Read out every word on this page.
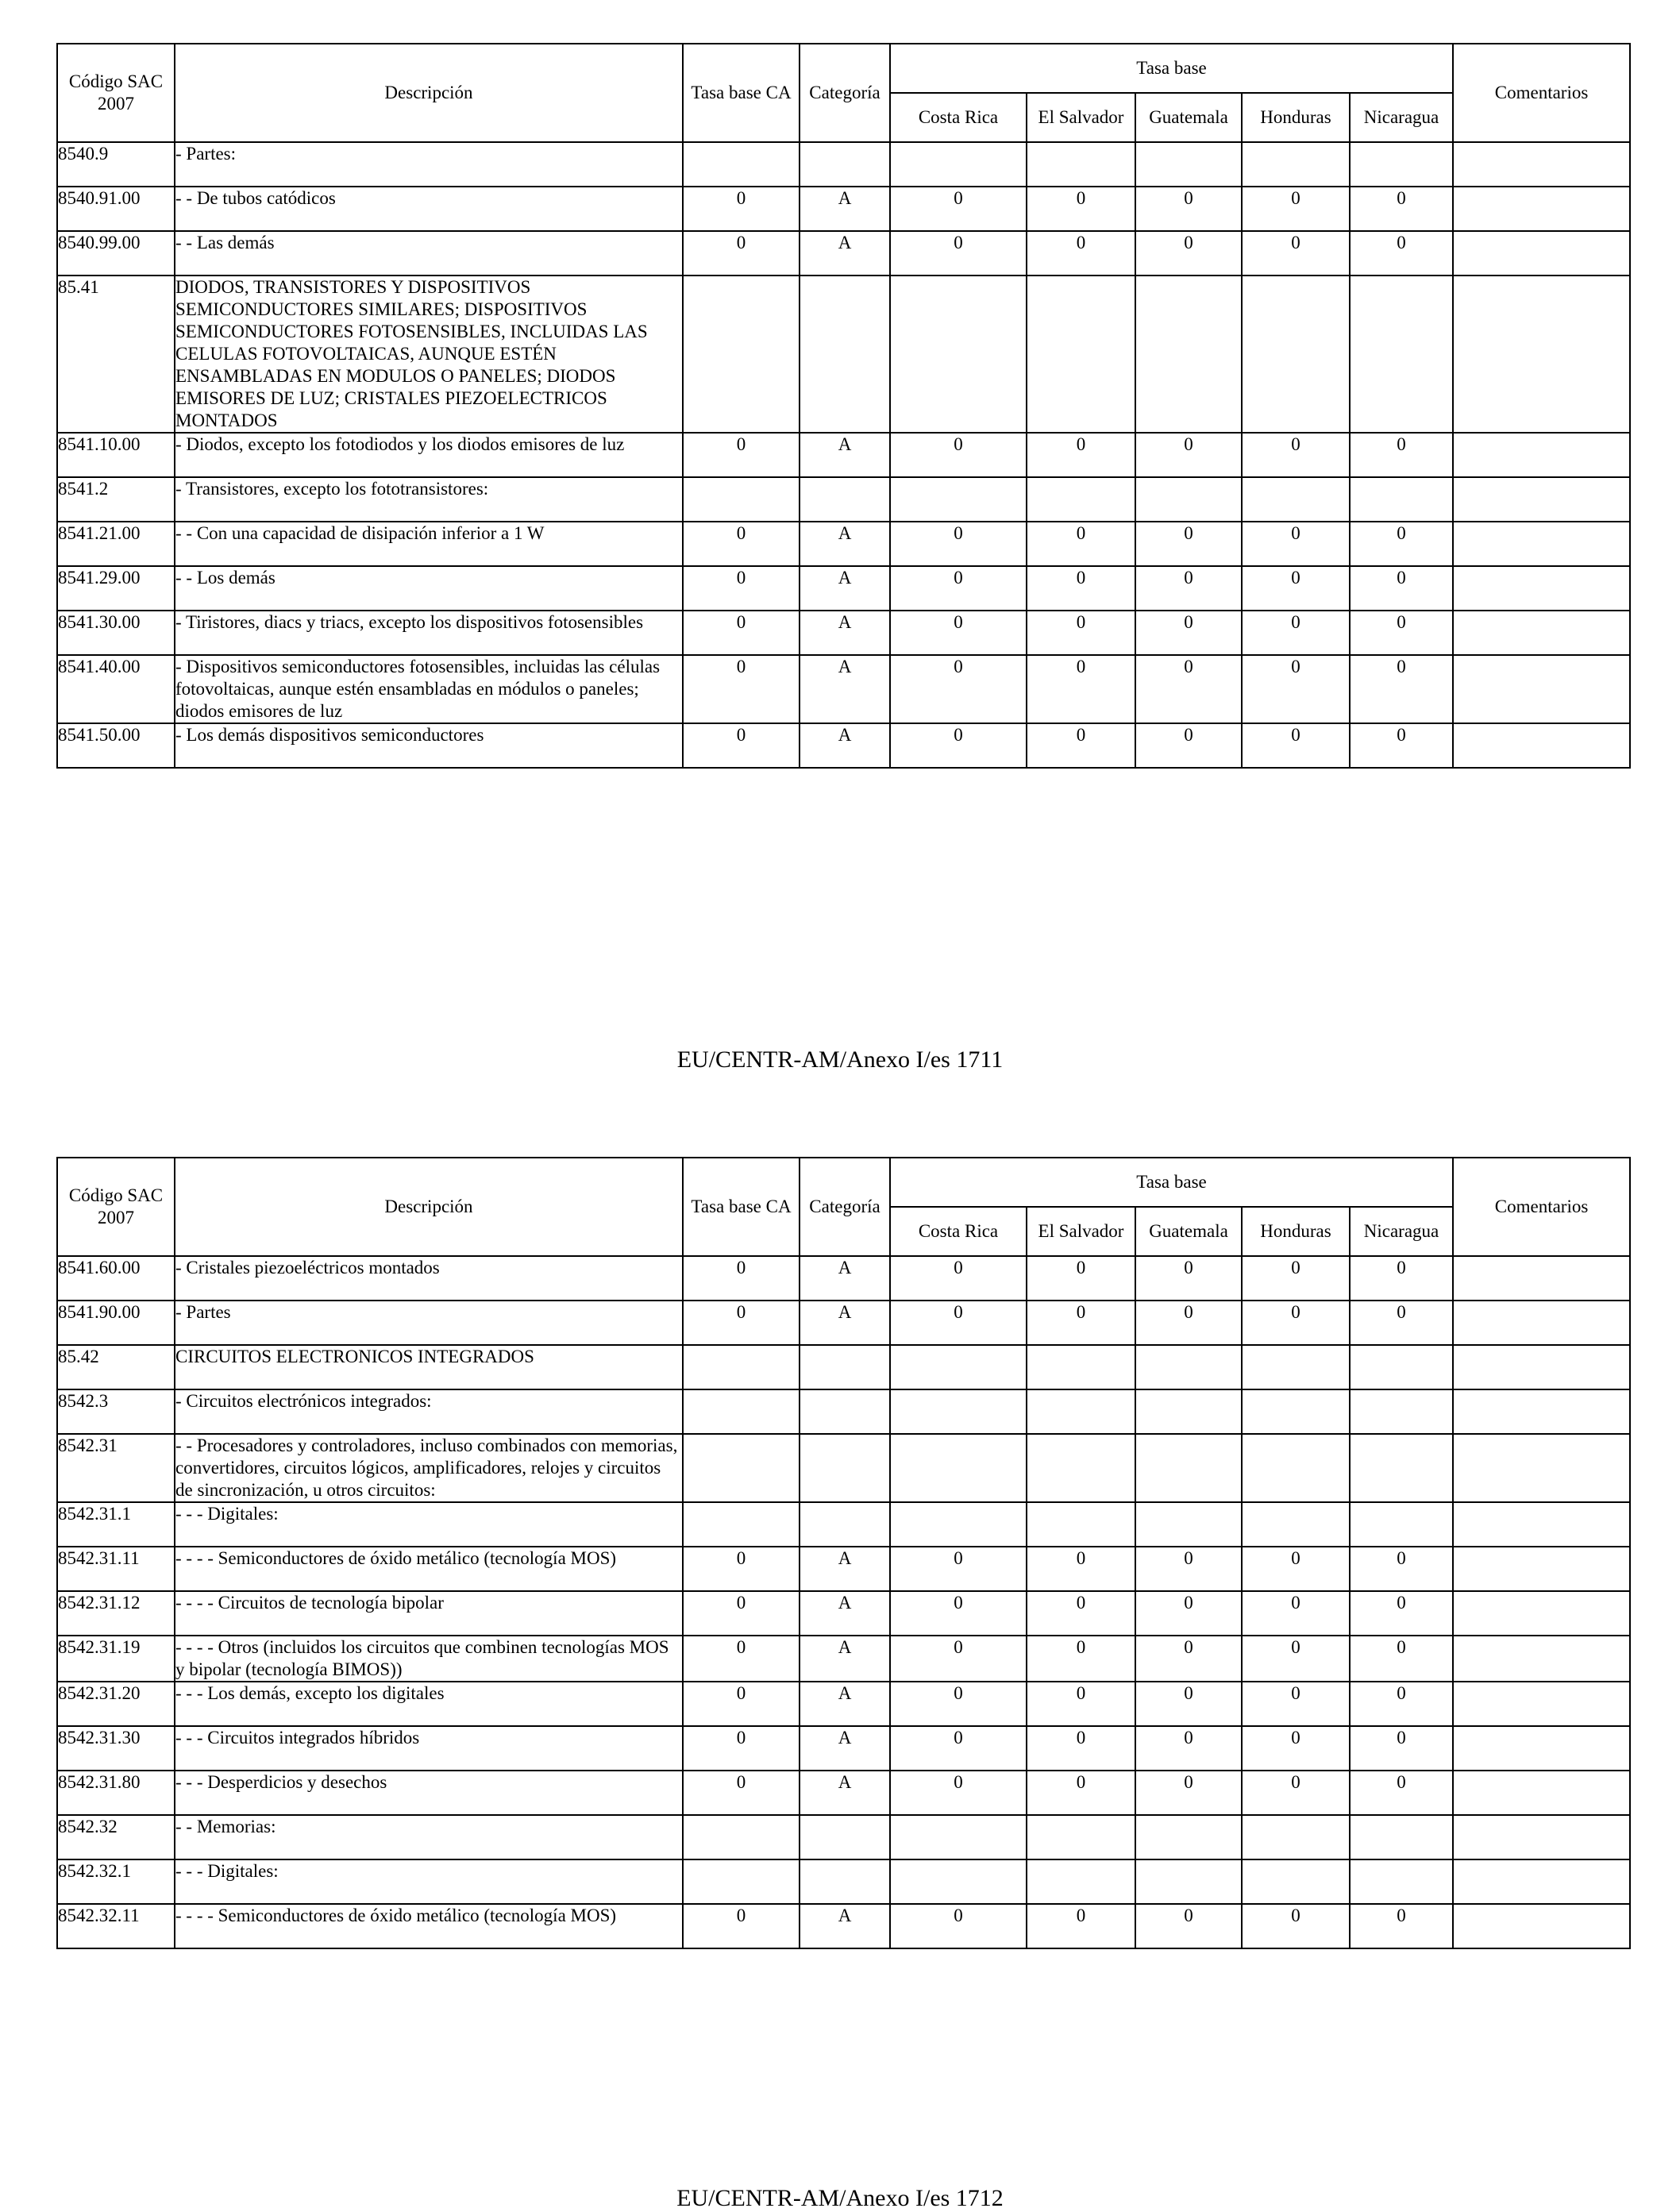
Código SAC 2007	Descripción	Tasa base CA	Categoría	Tasa base					Comentarios
				Costa Rica	El Salvador	Guatemala	Honduras	Nicaragua	
8540.9	- Partes:								
8540.91.00	- - De tubos catódicos	0	A	0	0	0	0	0	
8540.99.00	- - Las demás	0	A	0	0	0	0	0	
85.41	DIODOS, TRANSISTORES Y DISPOSITIVOS SEMICONDUCTORES SIMILARES; DISPOSITIVOS SEMICONDUCTORES FOTOSENSIBLES, INCLUIDAS LAS CELULAS FOTOVOLTAICAS, AUNQUE ESTÉN ENSAMBLADAS EN MODULOS O PANELES; DIODOS EMISORES DE LUZ; CRISTALES PIEZOELECTRICOS MONTADOS								
8541.10.00	- Diodos, excepto los fotodiodos y los diodos emisores de luz	0	A	0	0	0	0	0	
8541.2	- Transistores, excepto los fototransistores:								
8541.21.00	- - Con una capacidad de disipación inferior a 1 W	0	A	0	0	0	0	0	
8541.29.00	- - Los demás	0	A	0	0	0	0	0	
8541.30.00	- Tiristores, diacs y triacs, excepto los dispositivos fotosensibles	0	A	0	0	0	0	0	
8541.40.00	- Dispositivos semiconductores fotosensibles, incluidas las células fotovoltaicas, aunque estén ensambladas en módulos o paneles; diodos emisores de luz	0	A	0	0	0	0	0	
8541.50.00	- Los demás dispositivos semiconductores	0	A	0	0	0	0	0	
EU/CENTR-AM/Anexo I/es 1711
Código SAC 2007	Descripción	Tasa base CA	Categoría	Tasa base					Comentarios
				Costa Rica	El Salvador	Guatemala	Honduras	Nicaragua	
8541.60.00	- Cristales piezoeléctricos montados	0	A	0	0	0	0	0	
8541.90.00	- Partes	0	A	0	0	0	0	0	
85.42	CIRCUITOS ELECTRONICOS INTEGRADOS								
8542.3	- Circuitos electrónicos integrados:								
8542.31	- - Procesadores y controladores, incluso combinados con memorias, convertidores, circuitos lógicos, amplificadores, relojes y circuitos de sincronización, u otros circuitos:								
8542.31.1	- - - Digitales:								
8542.31.11	- - - - Semiconductores de óxido metálico (tecnología MOS)	0	A	0	0	0	0	0	
8542.31.12	- - - - Circuitos de tecnología bipolar	0	A	0	0	0	0	0	
8542.31.19	- - - - Otros (incluidos los circuitos que combinen tecnologías MOS y bipolar (tecnología BIMOS))	0	A	0	0	0	0	0	
8542.31.20	- - - Los demás, excepto los digitales	0	A	0	0	0	0	0	
8542.31.30	- - - Circuitos integrados híbridos	0	A	0	0	0	0	0	
8542.31.80	- - - Desperdicios y desechos	0	A	0	0	0	0	0	
8542.32	- - Memorias:								
8542.32.1	- - - Digitales:								
8542.32.11	- - - - Semiconductores de óxido metálico (tecnología MOS)	0	A	0	0	0	0	0	
EU/CENTR-AM/Anexo I/es 1712
